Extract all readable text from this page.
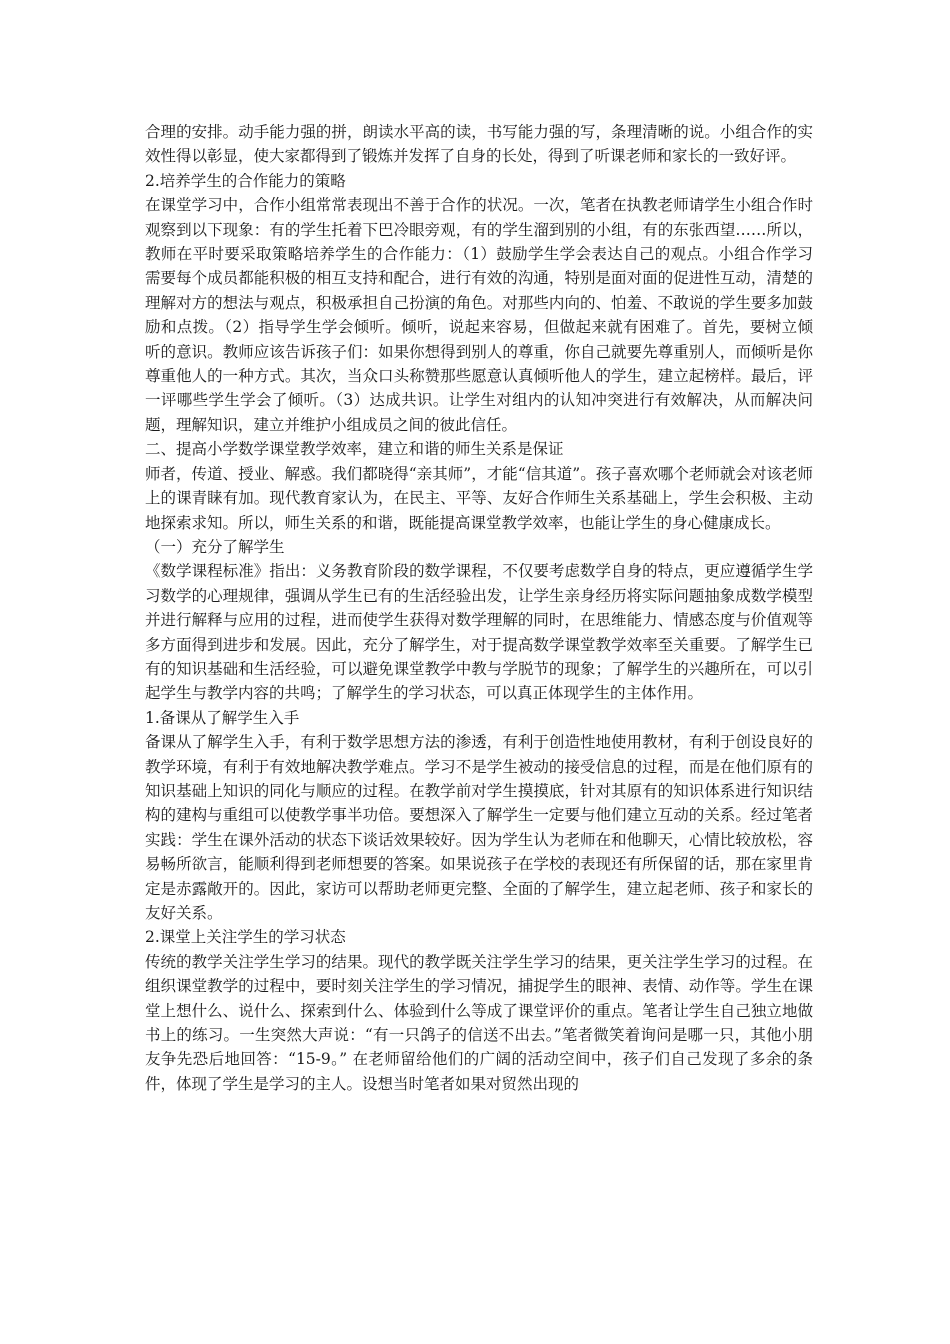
合理的安排。动手能力强的拼，朗读水平高的读，书写能力强的写，条理清晰的说。小组合作的实效性得以彰显，使大家都得到了锻炼并发挥了自身的长处，得到了听课老师和家长的一致好评。

2.培养学生的合作能力的策略

在课堂学习中，合作小组常常表现出不善于合作的状况。一次，笔者在执教老师请学生小组合作时观察到以下现象：有的学生托着下巴冷眼旁观，有的学生溜到别的小组，有的东张西望……所以，教师在平时要采取策略培养学生的合作能力：（1）鼓励学生学会表达自己的观点。小组合作学习需要每个成员都能积极的相互支持和配合，进行有效的沟通，特别是面对面的促进性互动，清楚的理解对方的想法与观点，积极承担自己扮演的角色。对那些内向的、怕羞、不敢说的学生要多加鼓励和点拨。（2）指导学生学会倾听。倾听，说起来容易，但做起来就有困难了。首先，要树立倾听的意识。教师应该告诉孩子们：如果你想得到别人的尊重，你自己就要先尊重别人，而倾听是你尊重他人的一种方式。其次，当众口头称赞那些愿意认真倾听他人的学生，建立起榜样。最后，评一评哪些学生学会了倾听。（3）达成共识。让学生对组内的认知冲突进行有效解决，从而解决问题，理解知识，建立并维护小组成员之间的彼此信任。

二、提高小学数学课堂教学效率，建立和谐的师生关系是保证

师者，传道、授业、解惑。我们都晓得“亲其师”，才能“信其道”。孩子喜欢哪个老师就会对该老师上的课青睐有加。现代教育家认为，在民主、平等、友好合作师生关系基础上，学生会积极、主动地探索求知。所以，师生关系的和谐，既能提高课堂教学效率，也能让学生的身心健康成长。

（一）充分了解学生

《数学课程标准》指出：义务教育阶段的数学课程，不仅要考虑数学自身的特点，更应遵循学生学习数学的心理规律，强调从学生已有的生活经验出发，让学生亲身经历将实际问题抽象成数学模型并进行解释与应用的过程，进而使学生获得对数学理解的同时，在思维能力、情感态度与价值观等多方面得到进步和发展。因此，充分了解学生，对于提高数学课堂教学效率至关重要。了解学生已有的知识基础和生活经验，可以避免课堂教学中教与学脱节的现象；了解学生的兴趣所在，可以引起学生与教学内容的共鸣；了解学生的学习状态，可以真正体现学生的主体作用。

1.备课从了解学生入手

备课从了解学生入手，有利于数学思想方法的渗透，有利于创造性地使用教材，有利于创设良好的教学环境，有利于有效地解决教学难点。学习不是学生被动的接受信息的过程，而是在他们原有的知识基础上知识的同化与顺应的过程。在教学前对学生摸摸底，针对其原有的知识体系进行知识结构的建构与重组可以使教学事半功倍。要想深入了解学生一定要与他们建立互动的关系。经过笔者实践：学生在课外活动的状态下谈话效果较好。因为学生认为老师在和他聊天，心情比较放松，容易畅所欲言，能顺利得到老师想要的答案。如果说孩子在学校的表现还有所保留的话，那在家里肯定是赤露敞开的。因此，家访可以帮助老师更完整、全面的了解学生，建立起老师、孩子和家长的友好关系。

2.课堂上关注学生的学习状态

传统的教学关注学生学习的结果。现代的教学既关注学生学习的结果，更关注学生学习的过程。在组织课堂教学的过程中，要时刻关注学生的学习情况，捕捉学生的眼神、表情、动作等。学生在课堂上想什么、说什么、探索到什么、体验到什么等成了课堂评价的重点。笔者让学生自己独立地做书上的练习。一生突然大声说：“有一只鸽子的信送不出去。”笔者微笑着询问是哪一只，其他小朋友争先恐后地回答：“15-9。” 在老师留给他们的广阔的活动空间中，孩子们自己发现了多余的条件，体现了学生是学习的主人。设想当时笔者如果对贸然出现的
